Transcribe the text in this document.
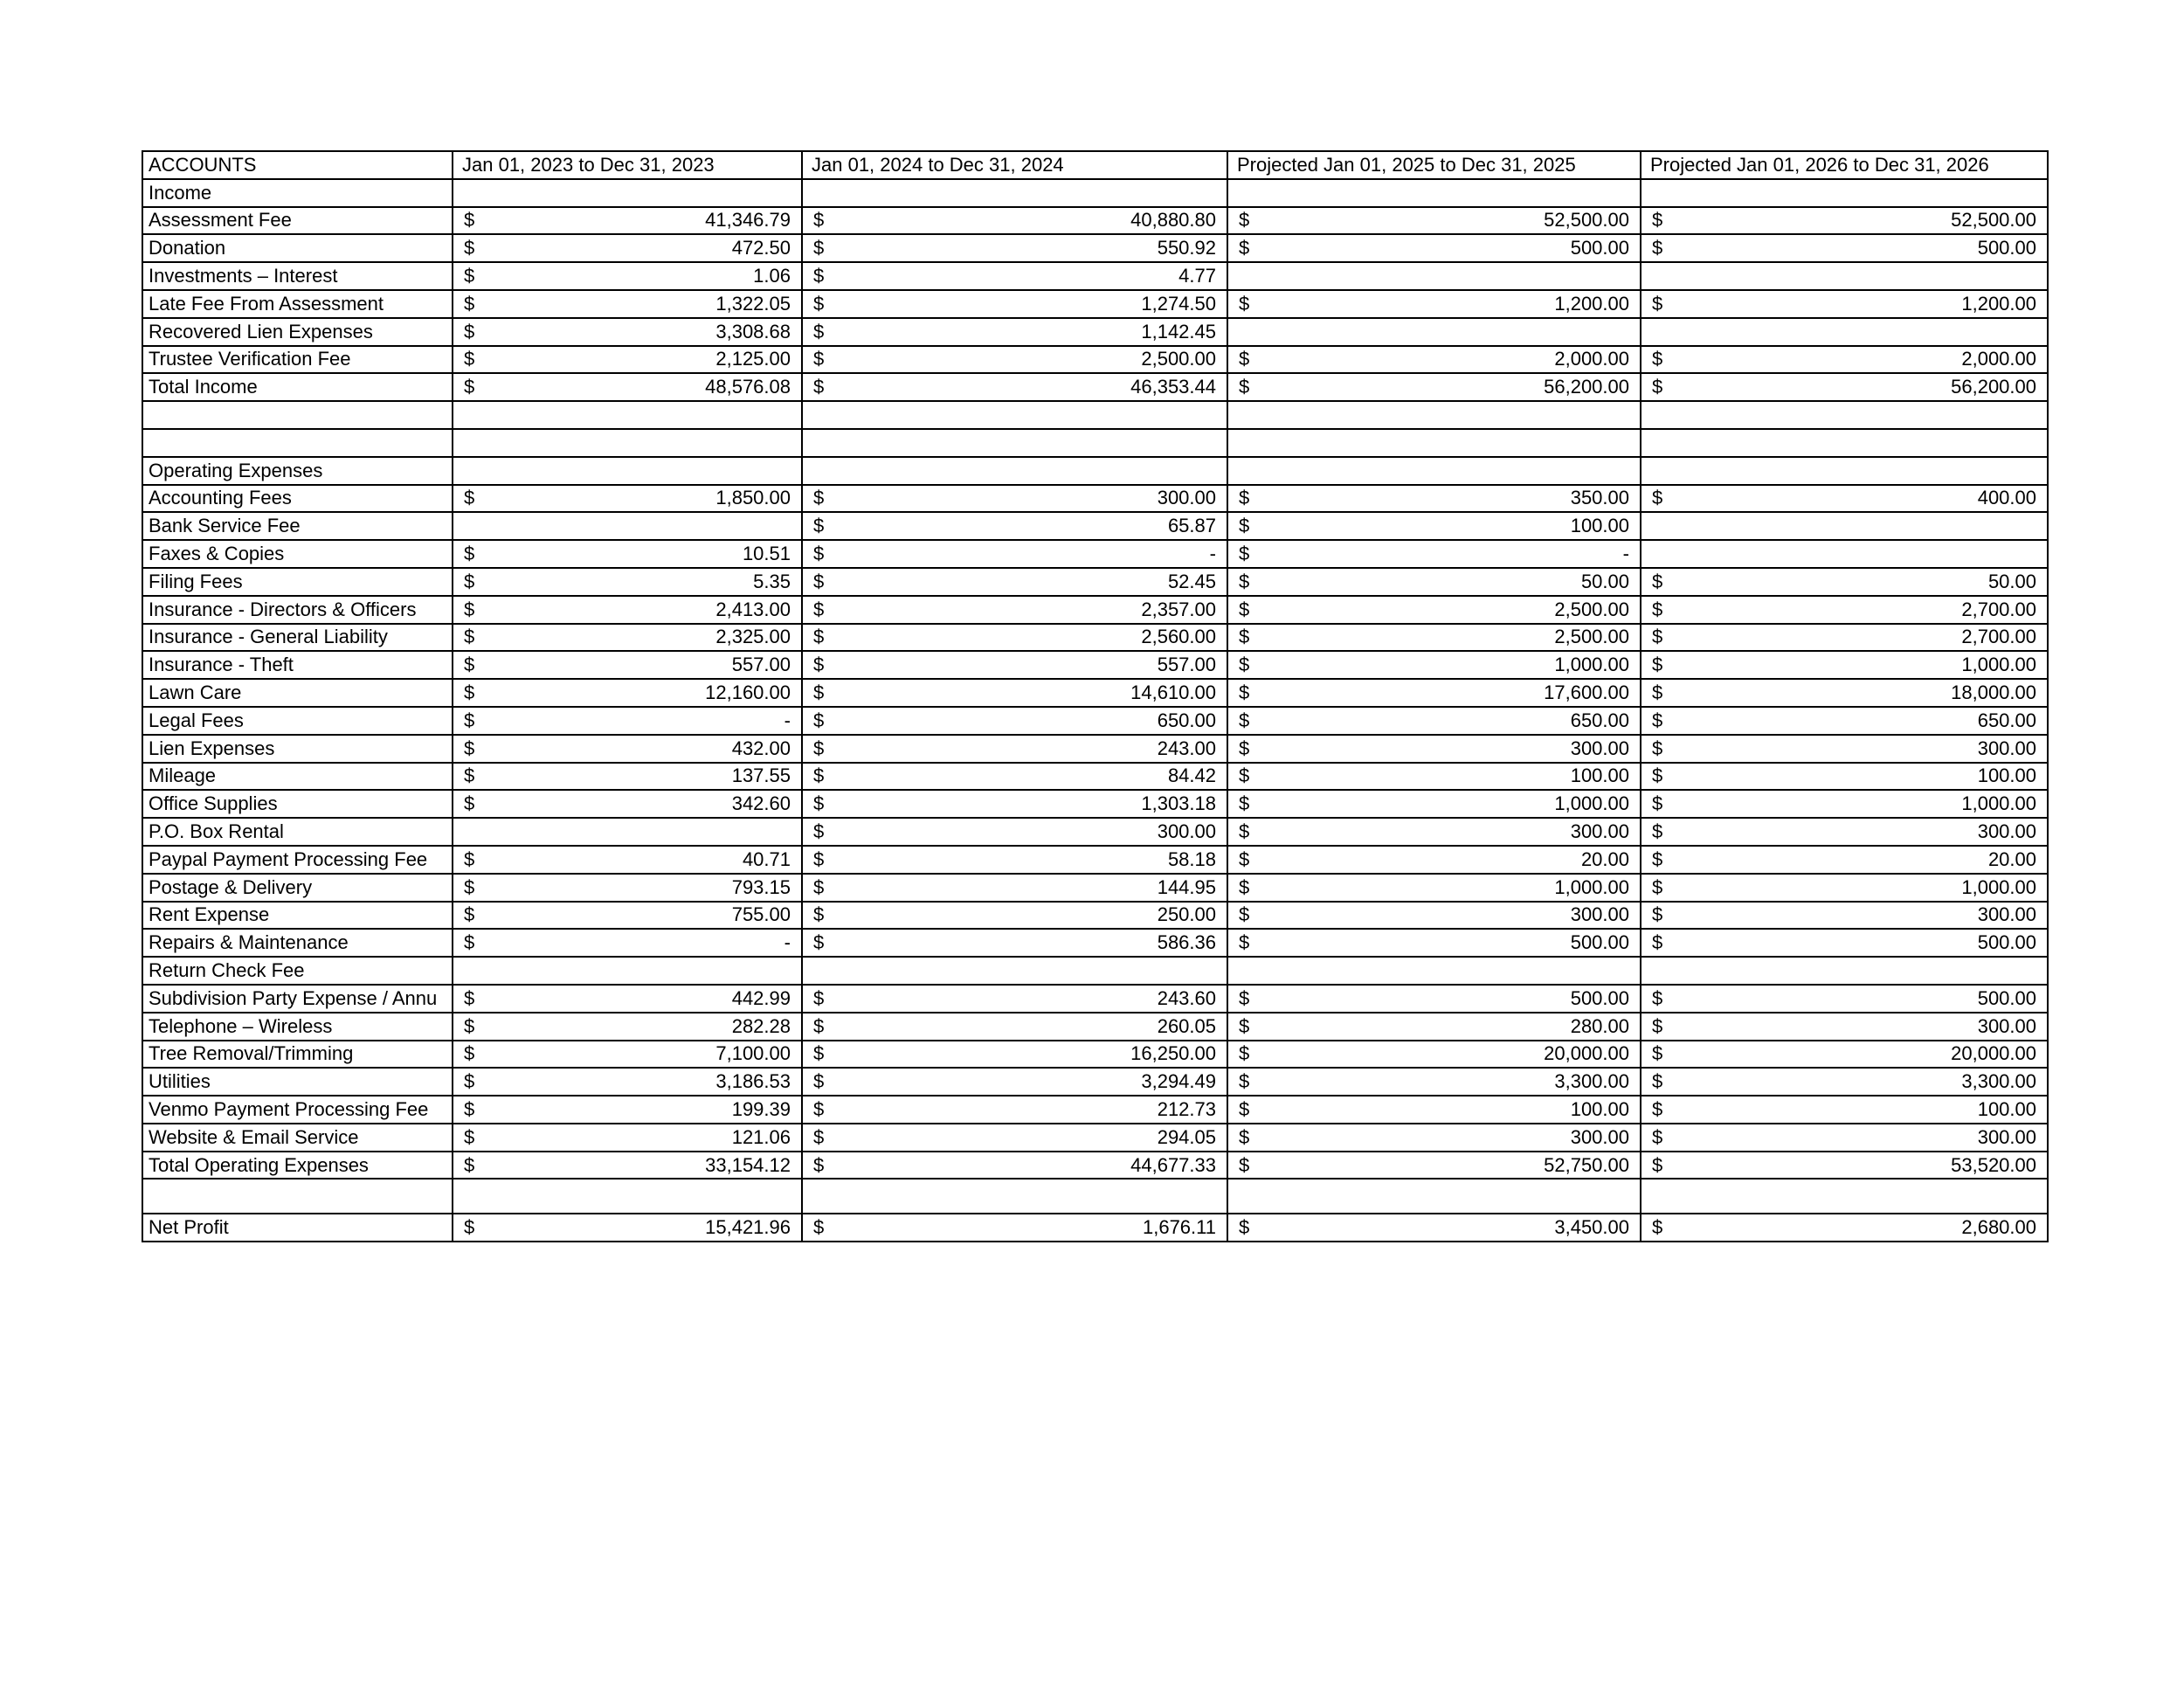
ACCOUNTS	Jan 01, 2023 to Dec 31, 2023	Jan 01, 2024 to Dec 31, 2024	Projected Jan 01, 2025 to Dec 31, 2025	Projected Jan 01, 2026 to Dec 31, 2026
Income				
Assessment Fee	$ 41,346.79	$ 40,880.80	$ 52,500.00	$ 52,500.00

Donation	$ 472.50	$ 550.92	$ 500.00	$ 500.00

Investments – Interest	$ 1.06	$ 4.77		

Late Fee From Assessment	$ 1,322.05	$ 1,274.50	$ 1,200.00	$ 1,200.00

Recovered Lien Expenses	$ 3,308.68	$ 1,142.45		

Trustee Verification Fee	$ 2,125.00	$ 2,500.00	$ 2,000.00	$ 2,000.00

Total Income	$ 48,576.08	$ 46,353.44	$ 56,200.00	$ 56,200.00

Operating Expenses				
Accounting Fees	$ 1,850.00	$ 300.00	$ 350.00	$ 400.00

Bank Service Fee		$ 65.87	$ 100.00	

Faxes & Copies	$ 10.51	$ -	$ -	

Filing Fees	$ 5.35	$ 52.45	$ 50.00	$ 50.00

Insurance - Directors & Officers	$ 2,413.00	$ 2,357.00	$ 2,500.00	$ 2,700.00

Insurance - General Liability	$ 2,325.00	$ 2,560.00	$ 2,500.00	$ 2,700.00

Insurance - Theft	$ 557.00	$ 557.00	$ 1,000.00	$ 1,000.00

Lawn Care	$ 12,160.00	$ 14,610.00	$ 17,600.00	$ 18,000.00

Legal Fees	$ -	$ 650.00	$ 650.00	$ 650.00

Lien Expenses	$ 432.00	$ 243.00	$ 300.00	$ 300.00

Mileage	$ 137.55	$ 84.42	$ 100.00	$ 100.00

Office Supplies	$ 342.60	$ 1,303.18	$ 1,000.00	$ 1,000.00

P.O. Box Rental		$ 300.00	$ 300.00	$ 300.00

Paypal Payment Processing Fee	$ 40.71	$ 58.18	$ 20.00	$ 20.00

Postage & Delivery	$ 793.15	$ 144.95	$ 1,000.00	$ 1,000.00

Rent Expense	$ 755.00	$ 250.00	$ 300.00	$ 300.00

Repairs & Maintenance	$ -	$ 586.36	$ 500.00	$ 500.00

Return Check Fee				
Subdivision Party Expense / Annu	$ 442.99	$ 243.60	$ 500.00	$ 500.00

Telephone – Wireless	$ 282.28	$ 260.05	$ 280.00	$ 300.00

Tree Removal/Trimming	$ 7,100.00	$ 16,250.00	$ 20,000.00	$ 20,000.00

Utilities	$ 3,186.53	$ 3,294.49	$ 3,300.00	$ 3,300.00

Venmo Payment Processing Fee	$ 199.39	$ 212.73	$ 100.00	$ 100.00

Website & Email Service	$ 121.06	$ 294.05	$ 300.00	$ 300.00

Total Operating Expenses	$ 33,154.12	$ 44,677.33	$ 52,750.00	$ 53,520.00

Net Profit	$ 15,421.96	$ 1,676.11	$ 3,450.00	$ 2,680.00
